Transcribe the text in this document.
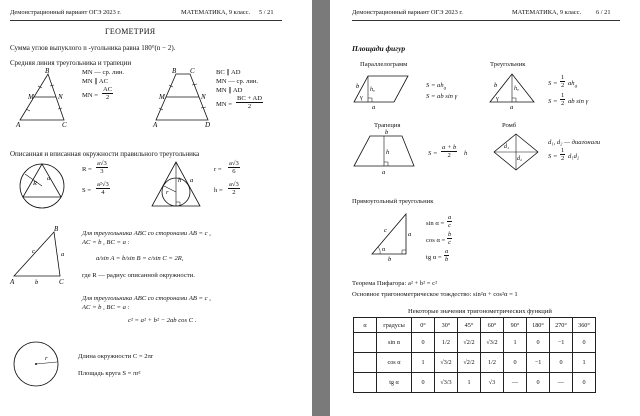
Демонстрационный вариант ОГЭ 2023 г.	МАТЕМАТИКА, 9 класс. 5 / 21
ГЕОМЕТРИЯ
Сумма углов выпуклого n -угольника равна 180°(n − 2).
Средняя линия треугольника и трапеции
B
M	N
A	C
MN — ср. лин.
MN ∥ AC
MN = $\frac{AC}{2}$
B C
M	N
A	D
BC ∥ AD
MN — ср. лин.
MN ∥ AD
MN = $\frac{BC + AD}{2}$
Описанная и вписанная окружности правильного треугольника
R
a
$R = \frac{a√3}{3}$
$S = \frac{\text{a²√3}}{4}$
h
r
a
$r = \frac{a√3}{6}$
$h = \frac{a√3}{2}$
B
A	C
c	a
b
Для треугольника ABC со сторонами AB = c ,
AC = b , BC = a :
a/sin A = b/sin B = c/sin C = 2R,
где R — радиус описанной окружности.
Для треугольника ABC со сторонами AB = c ,
AC = b , BC = a :
c² = a² + b² − 2ab cos C .
r	Длина окружности C = 2πr
Площадь круга S = πr²
Демонстрационный вариант ОГЭ 2023 г.	МАТЕМАТИКА, 9 класс. 6 / 21
Площади фигур
Параллелограмм
hₐ
γ
a
b	$S = ah_a$
S = ab sin γ
Треугольник
hₐ
γ
a
b	$S = \frac{1}{2} ah_a$
$S = \frac{1}{2}$ ab sin γ
Трапеция
b
h
a
$S = \frac{a + b}{2}$ h
Ромб
d₁
d₂
d₁, d₂ — диагонали
$S = \frac{1}{2} d_1d_2$
Прямоугольный треугольник
α
c
a
b
$\sin \alpha = \frac{a}{c}$
$\cos \alpha = \frac{b}{c}$
tg $\alpha = \frac{a}{b}$
Теорема Пифагора: a² + b² = c²
Основное тригонометрическое тождество: sin²α + cos²α = 1
Некоторые значения тригонометрических функций
α	градусы	0°	30°	45°	60°	90°	180°	270°	360°
	sin α	0	1/2	√2/2	√3/2	1	0	−1	0
	cos α	1	√3/2	√2/2	1/2	0	−1	0	1
	tg α	0	√3/3	1	√3	—	0	—	0
